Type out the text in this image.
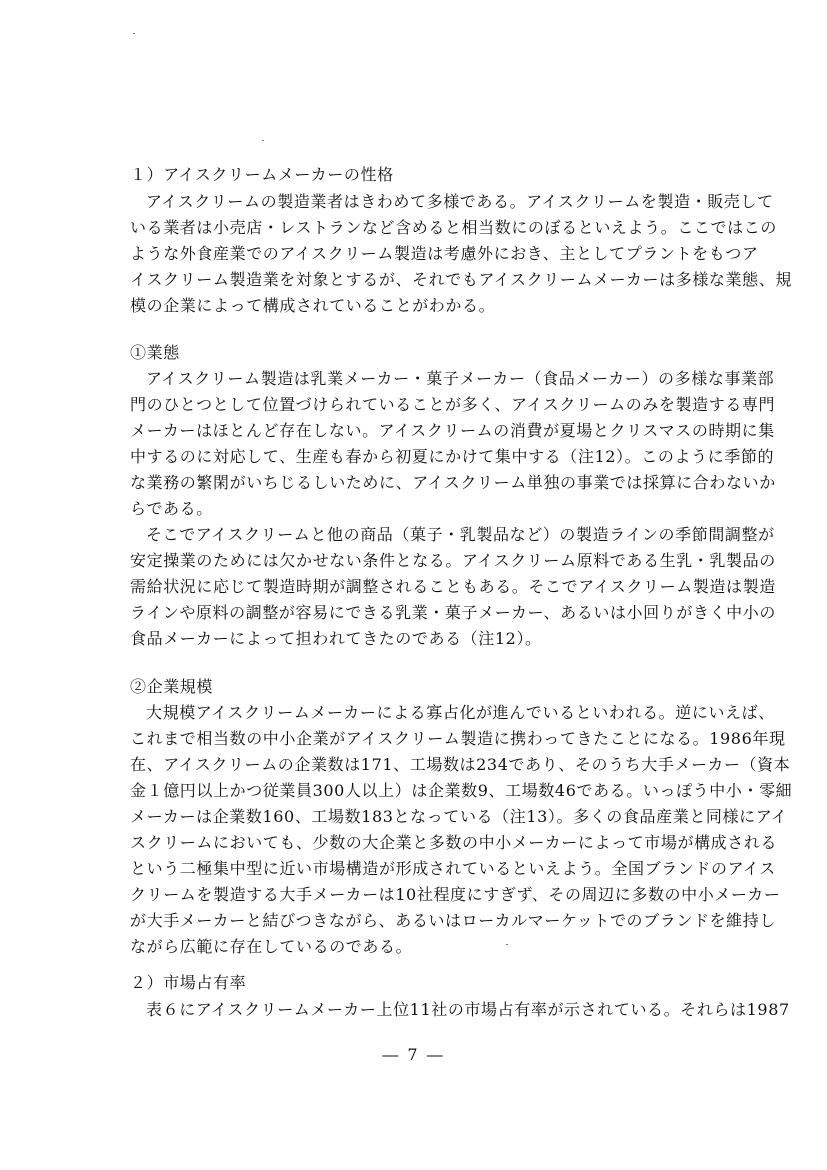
１）アイスクリームメーカーの性格
アイスクリームの製造業者はきわめて多様である。アイスクリームを製造・販売して
いる業者は小売店・レストランなど含めると相当数にのぼるといえよう。ここではこの
ような外食産業でのアイスクリーム製造は考慮外におき、主としてプラントをもつア
イスクリーム製造業を対象とするが、それでもアイスクリームメーカーは多様な業態、規
模の企業によって構成されていることがわかる。
①業態
アイスクリーム製造は乳業メーカー・菓子メーカー（食品メーカー）の多様な事業部
門のひとつとして位置づけられていることが多く、アイスクリームのみを製造する専門
メーカーはほとんど存在しない。アイスクリームの消費が夏場とクリスマスの時期に集
中するのに対応して、生産も春から初夏にかけて集中する（注12）。このように季節的
な業務の繁閑がいちじるしいために、アイスクリーム単独の事業では採算に合わないか
らである。
そこでアイスクリームと他の商品（菓子・乳製品など）の製造ラインの季節間調整が
安定操業のためには欠かせない条件となる。アイスクリーム原料である生乳・乳製品の
需給状況に応じて製造時期が調整されることもある。そこでアイスクリーム製造は製造
ラインや原料の調整が容易にできる乳業・菓子メーカー、あるいは小回りがきく中小の
食品メーカーによって担われてきたのである（注12）。
②企業規模
大規模アイスクリームメーカーによる寡占化が進んでいるといわれる。逆にいえば、
これまで相当数の中小企業がアイスクリーム製造に携わってきたことになる。1986年現
在、アイスクリームの企業数は171、工場数は234であり、そのうち大手メーカー（資本
金１億円以上かつ従業員300人以上）は企業数9、工場数46である。いっぽう中小・零細
メーカーは企業数160、工場数183となっている（注13）。多くの食品産業と同様にアイ
スクリームにおいても、少数の大企業と多数の中小メーカーによって市場が構成される
という二極集中型に近い市場構造が形成されているといえよう。全国ブランドのアイス
クリームを製造する大手メーカーは10社程度にすぎず、その周辺に多数の中小メーカー
が大手メーカーと結びつきながら、あるいはローカルマーケットでのブランドを維持し
ながら広範に存在しているのである。
２）市場占有率
表６にアイスクリームメーカー上位11社の市場占有率が示されている。それらは1987
― 7 ―
